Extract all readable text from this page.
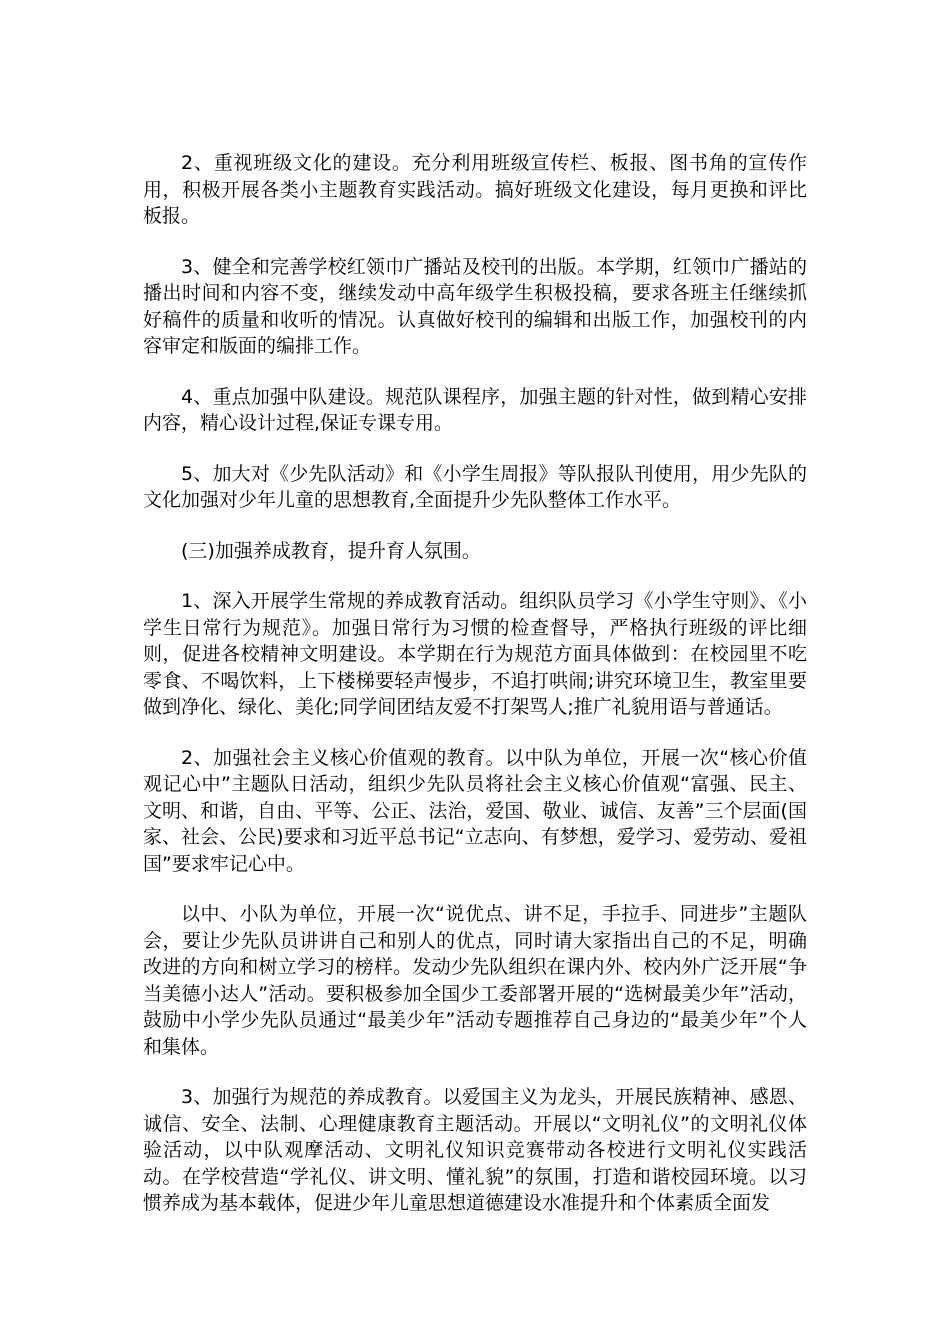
2、重视班级文化的建设。充分利用班级宣传栏、板报、图书角的宣传作用，积极开展各类小主题教育实践活动。搞好班级文化建设，每月更换和评比板报。

3、健全和完善学校红领巾广播站及校刊的出版。本学期，红领巾广播站的播出时间和内容不变，继续发动中高年级学生积极投稿，要求各班主任继续抓好稿件的质量和收听的情况。认真做好校刊的编辑和出版工作，加强校刊的内容审定和版面的编排工作。

4、重点加强中队建设。规范队课程序，加强主题的针对性，做到精心安排内容，精心设计过程,保证专课专用。

5、加大对《少先队活动》和《小学生周报》等队报队刊使用，用少先队的文化加强对少年儿童的思想教育,全面提升少先队整体工作水平。

(三)加强养成教育，提升育人氛围。

1、深入开展学生常规的养成教育活动。组织队员学习《小学生守则》、《小学生日常行为规范》。加强日常行为习惯的检查督导，严格执行班级的评比细则，促进各校精神文明建设。本学期在行为规范方面具体做到：在校园里不吃零食、不喝饮料，上下楼梯要轻声慢步，不追打哄闹;讲究环境卫生，教室里要做到净化、绿化、美化;同学间团结友爱不打架骂人;推广礼貌用语与普通话。

2、加强社会主义核心价值观的教育。以中队为单位，开展一次“核心价值观记心中”主题队日活动，组织少先队员将社会主义核心价值观“富强、民主、文明、和谐，自由、平等、公正、法治，爱国、敬业、诚信、友善”三个层面(国家、社会、公民)要求和习近平总书记“立志向、有梦想，爱学习、爱劳动、爱祖国”要求牢记心中。

以中、小队为单位，开展一次“说优点、讲不足，手拉手、同进步”主题队会，要让少先队员讲讲自己和别人的优点，同时请大家指出自己的不足，明确改进的方向和树立学习的榜样。发动少先队组织在课内外、校内外广泛开展“争当美德小达人”活动。要积极参加全国少工委部署开展的“选树最美少年”活动，鼓励中小学少先队员通过“最美少年”活动专题推荐自己身边的“最美少年”个人和集体。

3、加强行为规范的养成教育。以爱国主义为龙头，开展民族精神、感恩、诚信、安全、法制、心理健康教育主题活动。开展以“文明礼仪”的文明礼仪体验活动，以中队观摩活动、文明礼仪知识竞赛带动各校进行文明礼仪实践活动。在学校营造“学礼仪、讲文明、懂礼貌”的氛围，打造和谐校园环境。以习惯养成为基本载体，促进少年儿童思想道德建设水准提升和个体素质全面发
